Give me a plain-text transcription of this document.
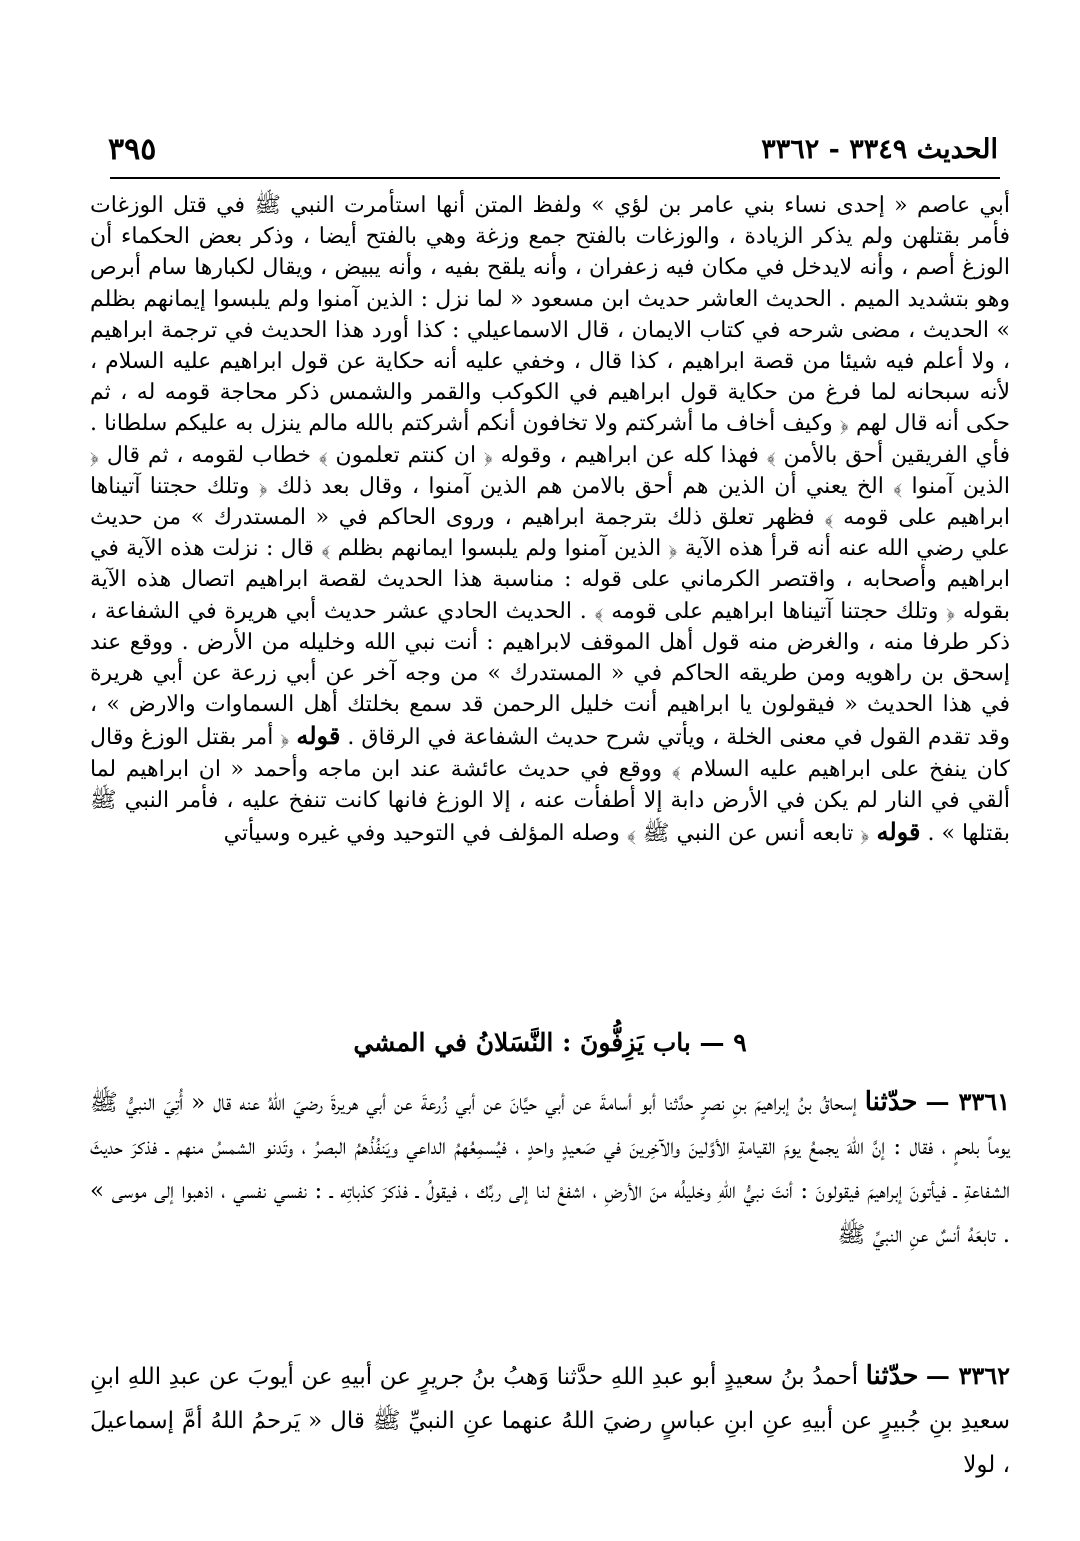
الحديث ٣٣٤٩ - ٣٣٦٢
٣٩٥

أبي عاصم « إحدى نساء بني عامر بن لؤي » ولفظ المتن أنها استأمرت النبي ﷺ في قتل الوزغات فأمر بقتلهن ولم يذكر الزيادة ، والوزغات بالفتح جمع وزغة وهي بالفتح أيضا ، وذكر بعض الحكماء أن الوزغ أصم ، وأنه لايدخل في مكان فيه زعفران ، وأنه يلقح بفيه ، وأنه يبيض ، ويقال لكبارها سام أبرص وهو بتشديد الميم . الحديث العاشر حديث ابن مسعود « لما نزل : الذين آمنوا ولم يلبسوا إيمانهم بظلم » الحديث ، مضى شرحه في كتاب الايمان ، قال الاسماعيلي : كذا أورد هذا الحديث في ترجمة ابراهيم ، ولا أعلم فيه شيئا من قصة ابراهيم ، كذا قال ، وخفي عليه أنه حكاية عن قول ابراهيم عليه السلام ، لأنه سبحانه لما فرغ من حكاية قول ابراهيم في الكوكب والقمر والشمس ذكر محاجة قومه له ، ثم حكى أنه قال لهم ﴿ وكيف أخاف ما أشركتم ولا تخافون أنكم أشركتم بالله مالم ينزل به عليكم سلطانا . فأي الفريقين أحق بالأمن ﴾ فهذا كله عن ابراهيم ، وقوله ﴿ ان كنتم تعلمون ﴾ خطاب لقومه ، ثم قال ﴿ الذين آمنوا ﴾ الخ يعني أن الذين هم أحق بالامن هم الذين آمنوا ، وقال بعد ذلك ﴿ وتلك حجتنا آتيناها ابراهيم على قومه ﴾ فظهر تعلق ذلك بترجمة ابراهيم ، وروى الحاكم في « المستدرك » من حديث علي رضي الله عنه أنه قرأ هذه الآية ﴿ الذين آمنوا ولم يلبسوا ايمانهم بظلم ﴾ قال : نزلت هذه الآية في ابراهيم وأصحابه ، واقتصر الكرماني على قوله : مناسبة هذا الحديث لقصة ابراهيم اتصال هذه الآية بقوله ﴿ وتلك حجتنا آتيناها ابراهيم على قومه ﴾ . الحديث الحادي عشر حديث أبي هريرة في الشفاعة ، ذكر طرفا منه ، والغرض منه قول أهل الموقف لابراهيم : أنت نبي الله وخليله من الأرض . ووقع عند إسحق بن راهويه ومن طريقه الحاكم في « المستدرك » من وجه آخر عن أبي زرعة عن أبي هريرة في هذا الحديث « فيقولون يا ابراهيم أنت خليل الرحمن قد سمع بخلتك أهل السماوات والارض » ، وقد تقدم القول في معنى الخلة ، ويأتي شرح حديث الشفاعة في الرقاق . قوله ﴿ أمر بقتل الوزغ وقال كان ينفخ على ابراهيم عليه السلام ﴾ ووقع في حديث عائشة عند ابن ماجه وأحمد « ان ابراهيم لما ألقي في النار لم يكن في الأرض دابة إلا أطفأت عنه ، إلا الوزغ فانها كانت تنفخ عليه ، فأمر النبي ﷺ بقتلها » . قوله ﴿ تابعه أنس عن النبي ﷺ ﴾ وصله المؤلف في التوحيد وفي غيره وسيأتي

٩ — باب يَزِفُّونَ : النَّسَلانُ في المشي

٣٣٦١ — حدّثنا إسحاقُ بنُ إبراهيمَ بنِ نصرٍ حدَّثنا أبو أسامةَ عن أبي حيَّانَ عن أبي زُرعةَ عن أبي هريرةَ رضيَ اللهُ عنه قال « أُتِيَ النبيُّ ﷺ يوماً بلحمٍ ، فقال : إنَّ اللهَ يجمعُ يومَ القيامةِ الأوَّلينَ والآخِرينَ في صَعيدٍ واحدٍ ، فيُسمِعُهمُ الداعي ويَنفُذُهمُ البصرُ ، وتَدنو الشمسُ منهم ـ فذكرَ حديثَ الشفاعةِ ـ فيأتونَ إبراهيمَ فيقولونَ : أنتَ نبيُّ اللهِ وخليلُه منَ الأرضِ ، اشفعْ لنا إلى ربِّك ، فيقولُ ـ فذكرَ كذباتِه ـ : نفسي نفسي ، اذهبوا إلى موسى » . تابعَهُ أنسٌ عنِ النبيِّ ﷺ

٣٣٦٢ — حدّثنا أحمدُ بنُ سعيدٍ أبو عبدِ اللهِ حدَّثنا وَهبُ بنُ جريرٍ عن أبيهِ عن أيوبَ عن عبدِ اللهِ ابنِ سعيدِ بنِ جُبيرٍ عن أبيهِ عنِ ابنِ عباسٍ رضيَ اللهُ عنهما عنِ النبيِّ ﷺ قال « يَرحمُ اللهُ أمَّ إسماعيلَ ، لولا
